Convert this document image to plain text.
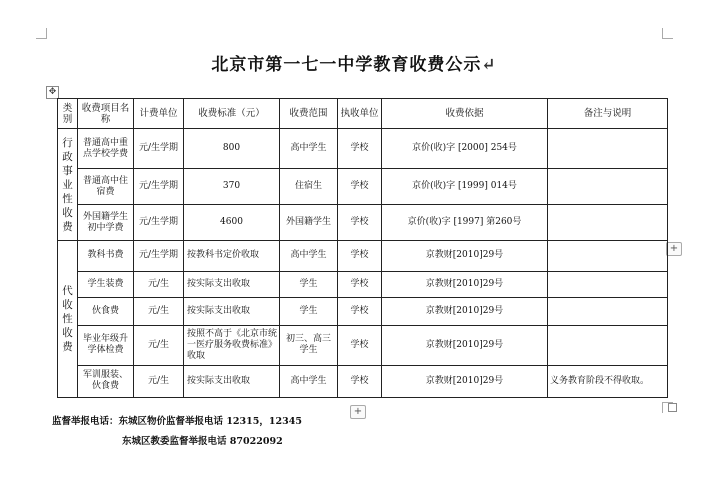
北京市第一七一中学教育收费公示↵
✥
+
+
类别	收费项目名称	计费单位	收费标准（元）	收费范围	执收单位	收费依据	备注与说明
行政事业性收费	普通高中重点学校学费	元/生学期	800	高中学生	学校	京价(收)字 [2000] 254号	
	普通高中住宿费	元/生学期	370	住宿生	学校	京价(收)字 [1999] 014号	
	外国籍学生初中学费	元/生学期	4600	外国籍学生	学校	京价(收)字 [1997] 第260号	
代收性收费	教科书费	元/生学期	按教科书定价收取	高中学生	学校	京教财[2010]29号	
	学生装费	元/生	按实际支出收取	学生	学校	京教财[2010]29号	
	伙食费	元/生	按实际支出收取	学生	学校	京教财[2010]29号	
	毕业年级升学体检费	元/生	按照不高于《北京市统一医疗服务收费标准》收取	初三、高三学生	学校	京教财[2010]29号	
	军训服装、伙食费	元/生	按实际支出收取	高中学生	学校	京教财[2010]29号	义务教育阶段不得收取。
监督举报电话：东城区物价监督举报电话 12315，12345
东城区教委监督举报电话 87022092
